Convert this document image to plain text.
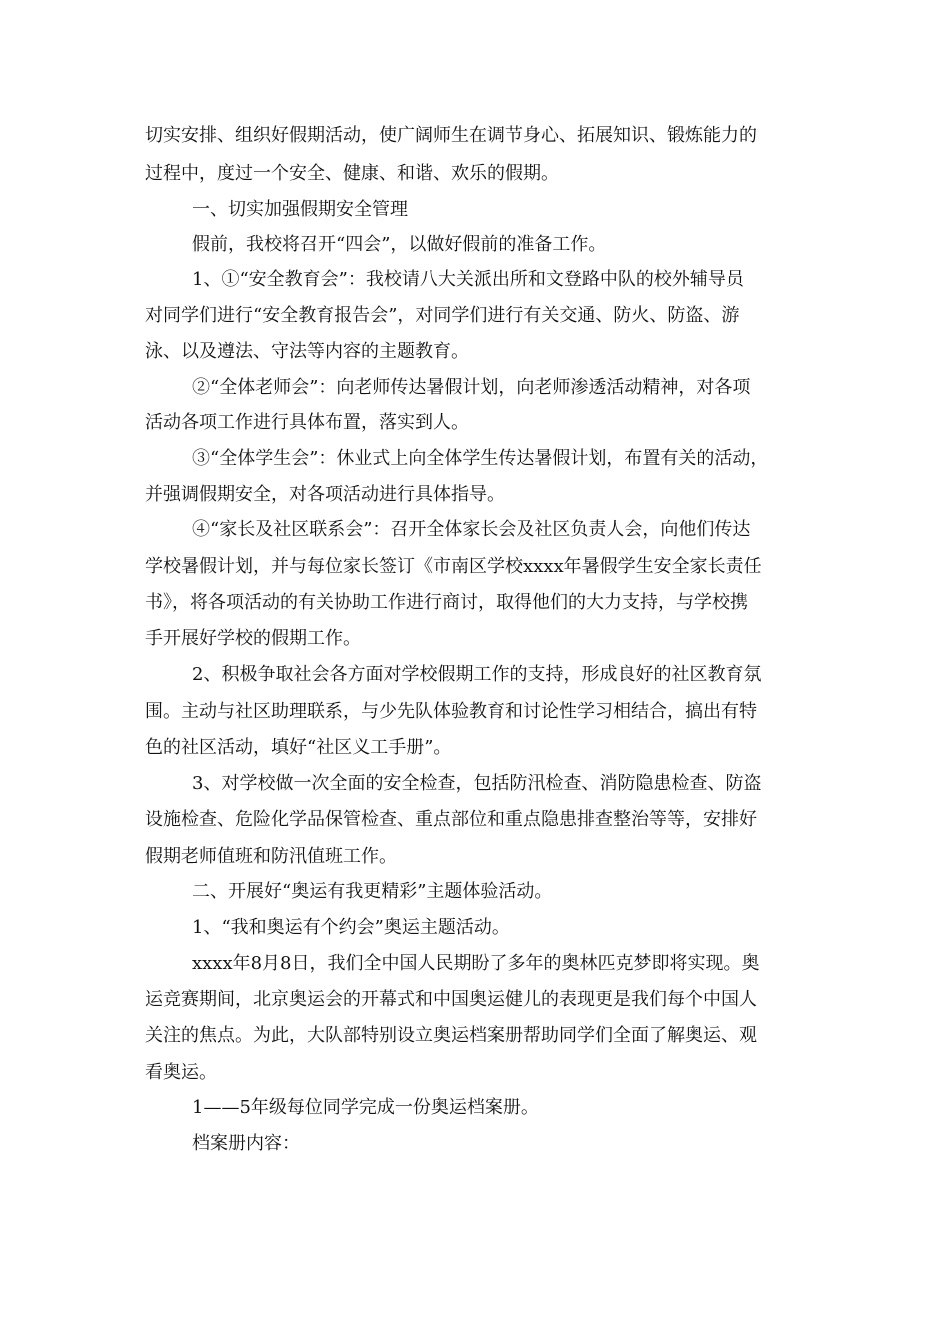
切实安排、组织好假期活动，使广阔师生在调节身心、拓展知识、锻炼能力的
过程中，度过一个安全、健康、和谐、欢乐的假期。
一、切实加强假期安全管理
假前，我校将召开“四会”，以做好假前的准备工作。
1、①“安全教育会”：我校请八大关派出所和文登路中队的校外辅导员
对同学们进行“安全教育报告会”，对同学们进行有关交通、防火、防盗、游
泳、以及遵法、守法等内容的主题教育。
②“全体老师会”：向老师传达暑假计划，向老师渗透活动精神，对各项
活动各项工作进行具体布置，落实到人。
③“全体学生会”：休业式上向全体学生传达暑假计划，布置有关的活动，
并强调假期安全，对各项活动进行具体指导。
④“家长及社区联系会”：召开全体家长会及社区负责人会，向他们传达
学校暑假计划，并与每位家长签订《市南区学校xxxx年暑假学生安全家长责任
书》，将各项活动的有关协助工作进行商讨，取得他们的大力支持，与学校携
手开展好学校的假期工作。
2、积极争取社会各方面对学校假期工作的支持，形成良好的社区教育氛
围。主动与社区助理联系，与少先队体验教育和讨论性学习相结合，搞出有特
色的社区活动，填好“社区义工手册”。
3、对学校做一次全面的安全检查，包括防汛检查、消防隐患检查、防盗
设施检查、危险化学品保管检查、重点部位和重点隐患排查整治等等，安排好
假期老师值班和防汛值班工作。
二、开展好“奥运有我更精彩”主题体验活动。
1、“我和奥运有个约会”奥运主题活动。
xxxx年8月8日，我们全中国人民期盼了多年的奥林匹克梦即将实现。奥
运竞赛期间，北京奥运会的开幕式和中国奥运健儿的表现更是我们每个中国人
关注的焦点。为此，大队部特别设立奥运档案册帮助同学们全面了解奥运、观
看奥运。
1——5年级每位同学完成一份奥运档案册。
档案册内容：
